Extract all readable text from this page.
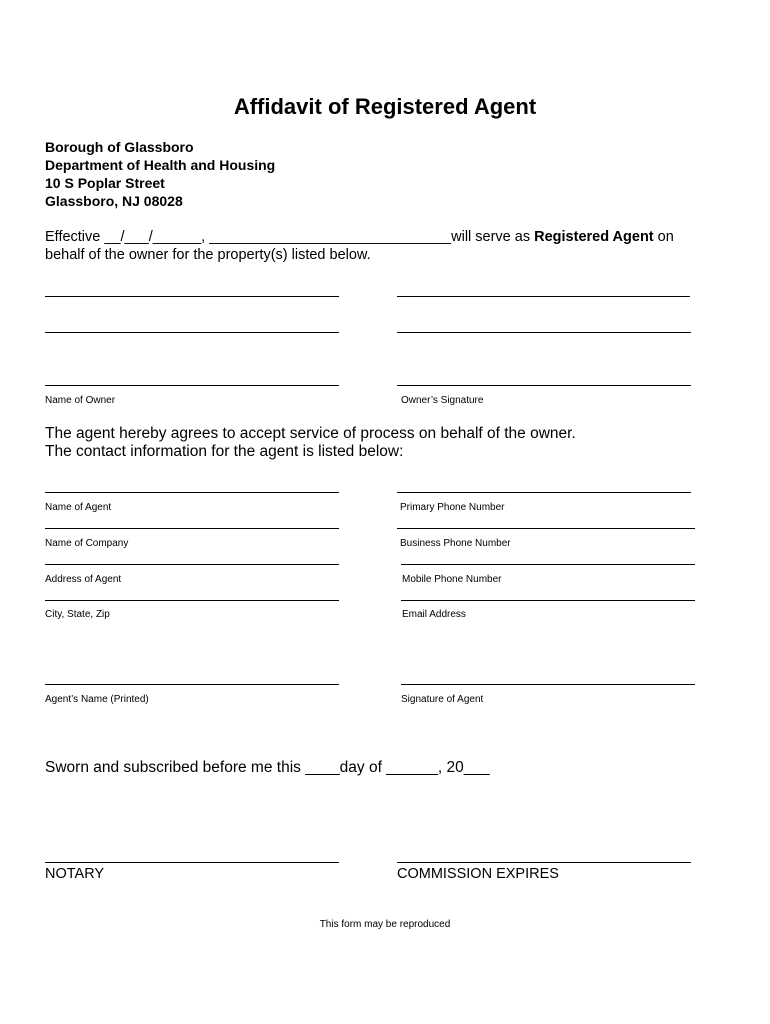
Affidavit of Registered Agent
Borough of Glassboro
Department of Health and Housing
10 S Poplar Street
Glassboro, NJ 08028
Effective __/___/______, ______________________________will serve as Registered Agent on
behalf of the owner for the property(s) listed below.
Name of Owner	Owner’s Signature
The agent hereby agrees to accept service of process on behalf of the owner.
The contact information for the agent is listed below:
Name of Agent	Primary Phone Number
Name of Company	Business Phone Number
Address of Agent	Mobile Phone Number
City, State, Zip	Email Address
Agent’s Name (Printed)	Signature of Agent
Sworn and subscribed before me this ____day of ______, 20___
NOTARY	COMMISSION EXPIRES
This form may be reproduced
